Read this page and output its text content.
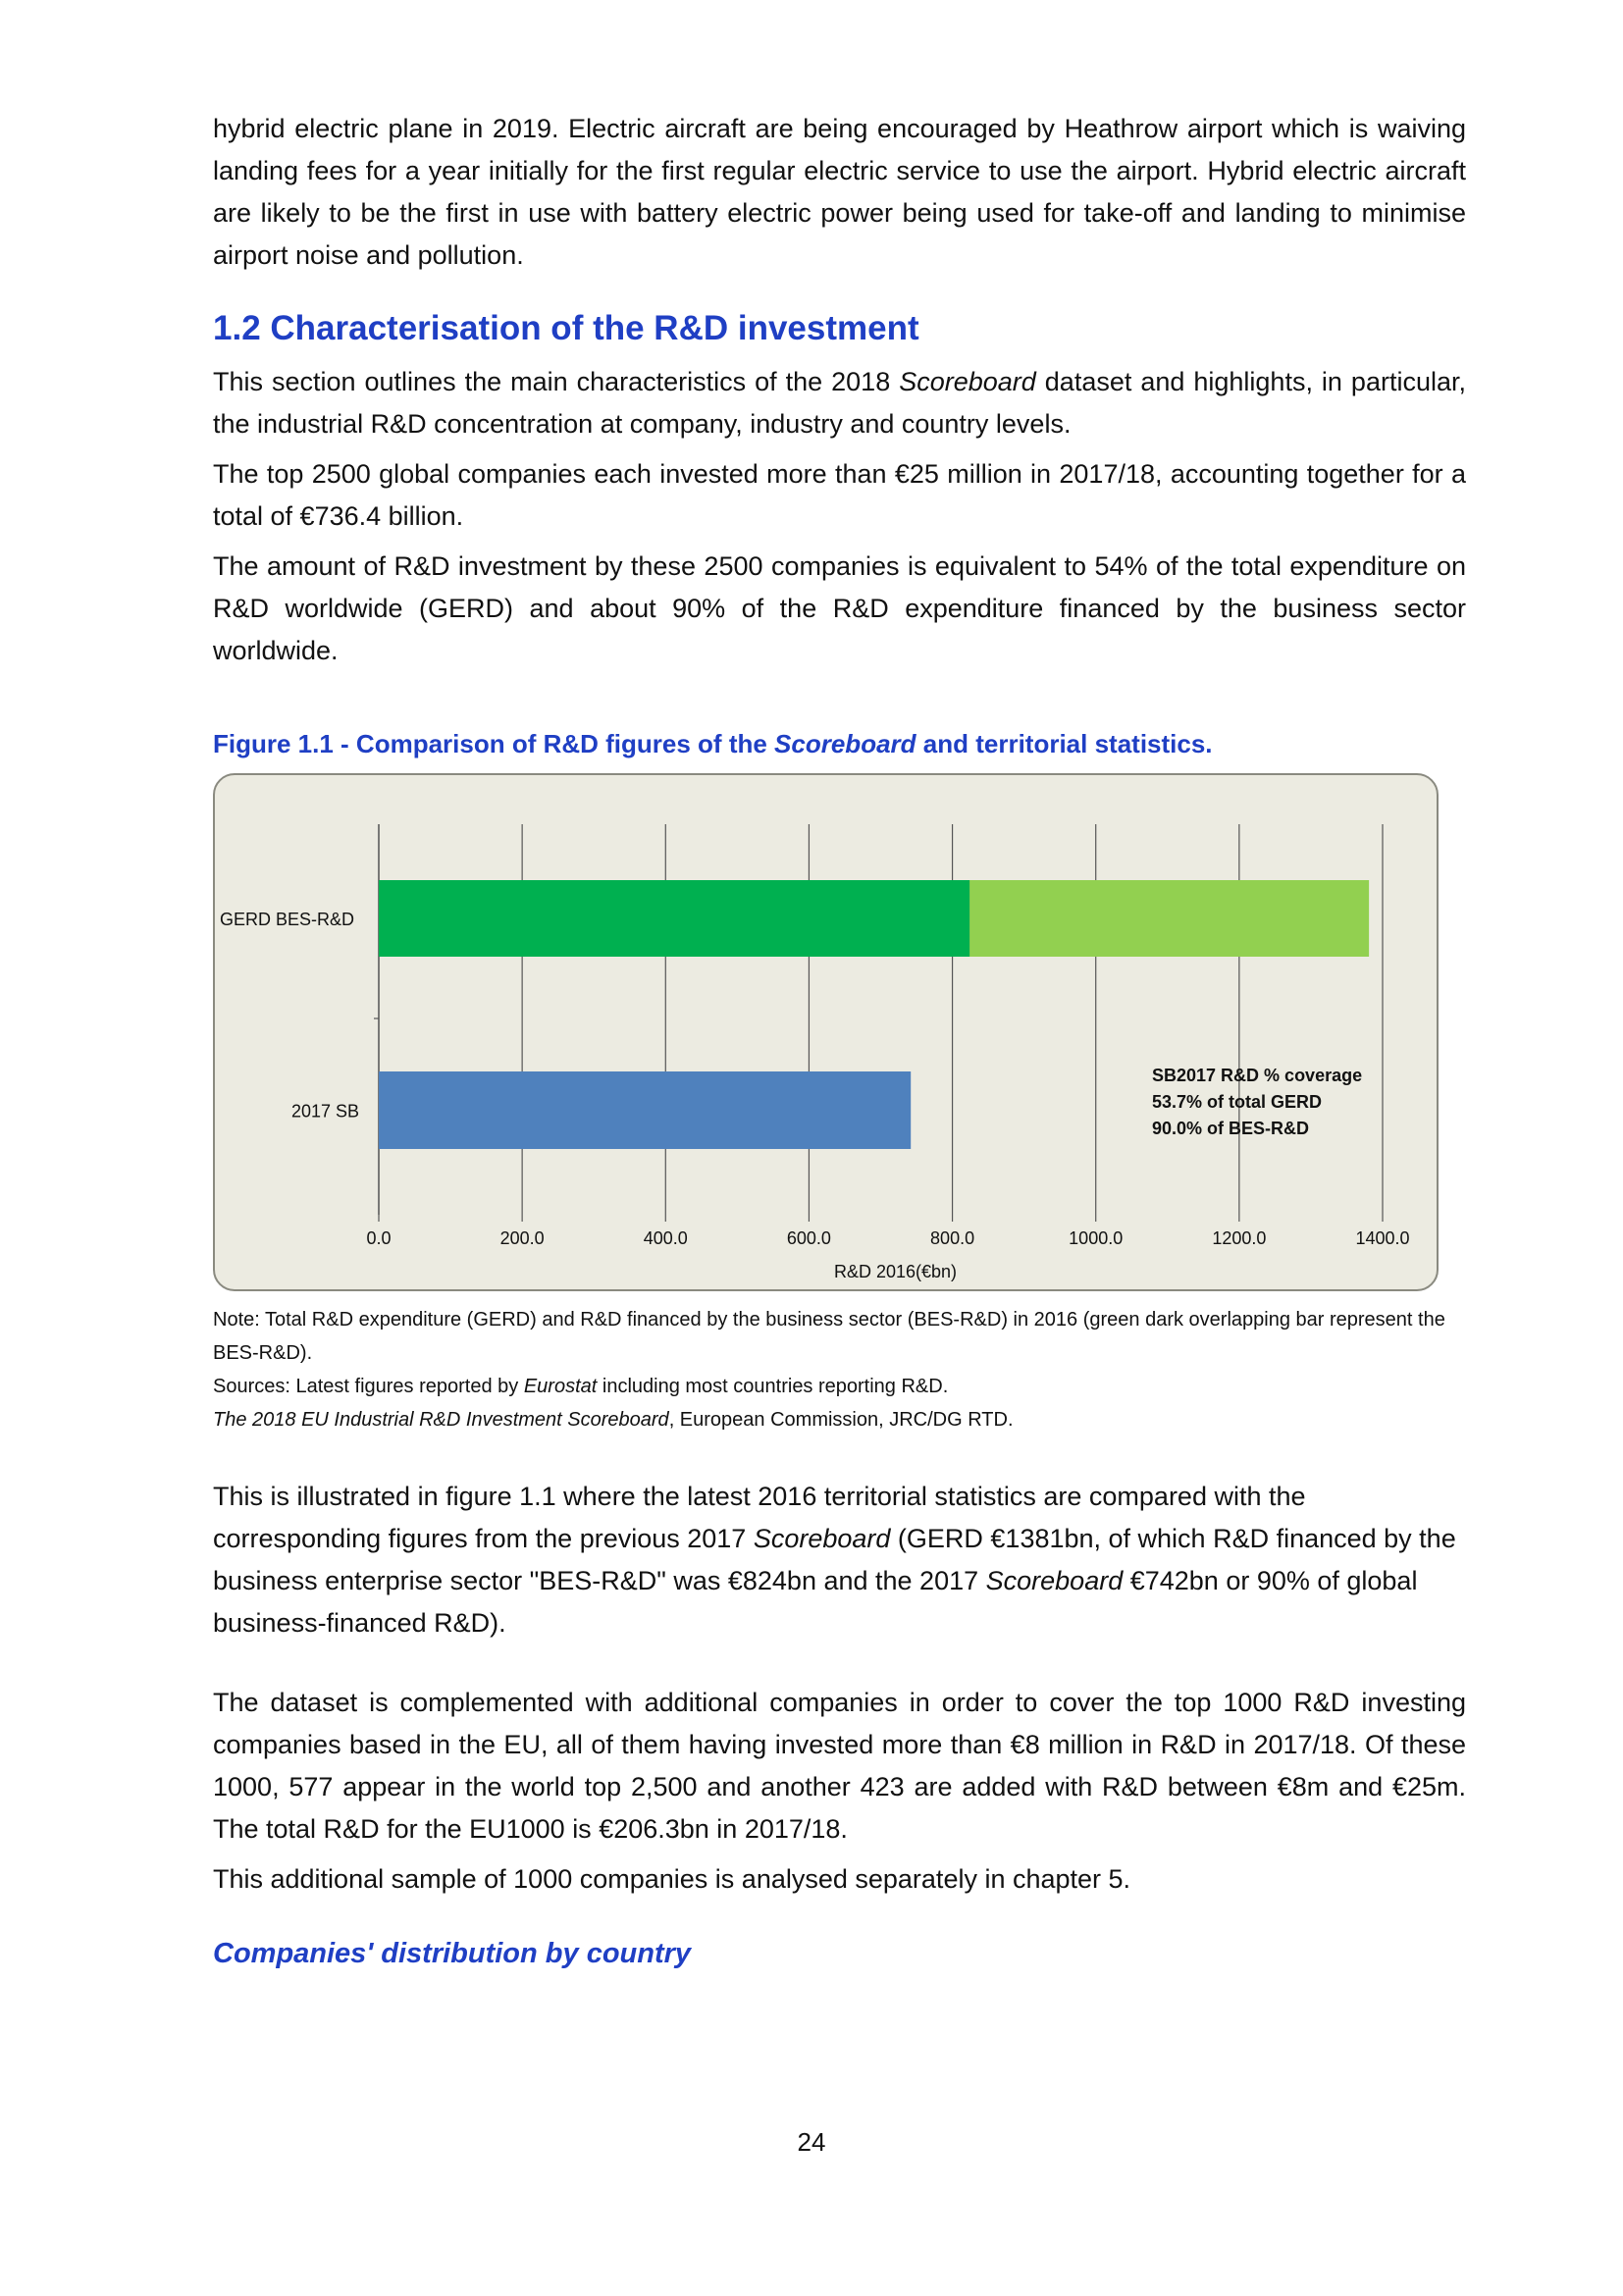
hybrid electric plane in 2019. Electric aircraft are being encouraged by Heathrow airport which is waiving landing fees for a year initially for the first regular electric service to use the airport. Hybrid electric aircraft are likely to be the first in use with battery electric power being used for take-off and landing to minimise airport noise and pollution.

1.2 Characterisation of the R&D investment

This section outlines the main characteristics of the 2018 Scoreboard dataset and highlights, in particular, the industrial R&D concentration at company, industry and country levels.

The top 2500 global companies each invested more than €25 million in 2017/18, accounting together for a total of €736.4 billion.

The amount of R&D investment by these 2500 companies is equivalent to 54% of the total expenditure on R&D worldwide (GERD) and about 90% of the R&D expenditure financed by the business sector worldwide.

Figure 1.1 - Comparison of R&D figures of the Scoreboard and territorial statistics.
0.0	200.0	400.0	600.0	800.0	1000.0	1200.0	1400.0
GERD BES-R&D
2017 SB
R&D 2016(€bn)
SB2017 R&D % coverage
53.7% of total GERD
90.0% of BES-R&D

Note: Total R&D expenditure (GERD) and R&D financed by the business sector (BES-R&D) in 2016 (green dark overlapping bar represent the BES-R&D).

Sources: Latest figures reported by Eurostat including most countries reporting R&D.

The 2018 EU Industrial R&D Investment Scoreboard, European Commission, JRC/DG RTD.

This is illustrated in figure 1.1 where the latest 2016 territorial statistics are compared with the corresponding figures from the previous 2017 Scoreboard (GERD €1381bn, of which R&D financed by the business enterprise sector "BES-R&D" was €824bn and the 2017 Scoreboard €742bn or 90% of global business-financed R&D).

The dataset is complemented with additional companies in order to cover the top 1000 R&D investing companies based in the EU, all of them having invested more than €8 million in R&D in 2017/18. Of these 1000, 577 appear in the world top 2,500 and another 423 are added with R&D between €8m and €25m. The total R&D for the EU1000 is €206.3bn in 2017/18.

This additional sample of 1000 companies is analysed separately in chapter 5.

Companies' distribution by country
24
